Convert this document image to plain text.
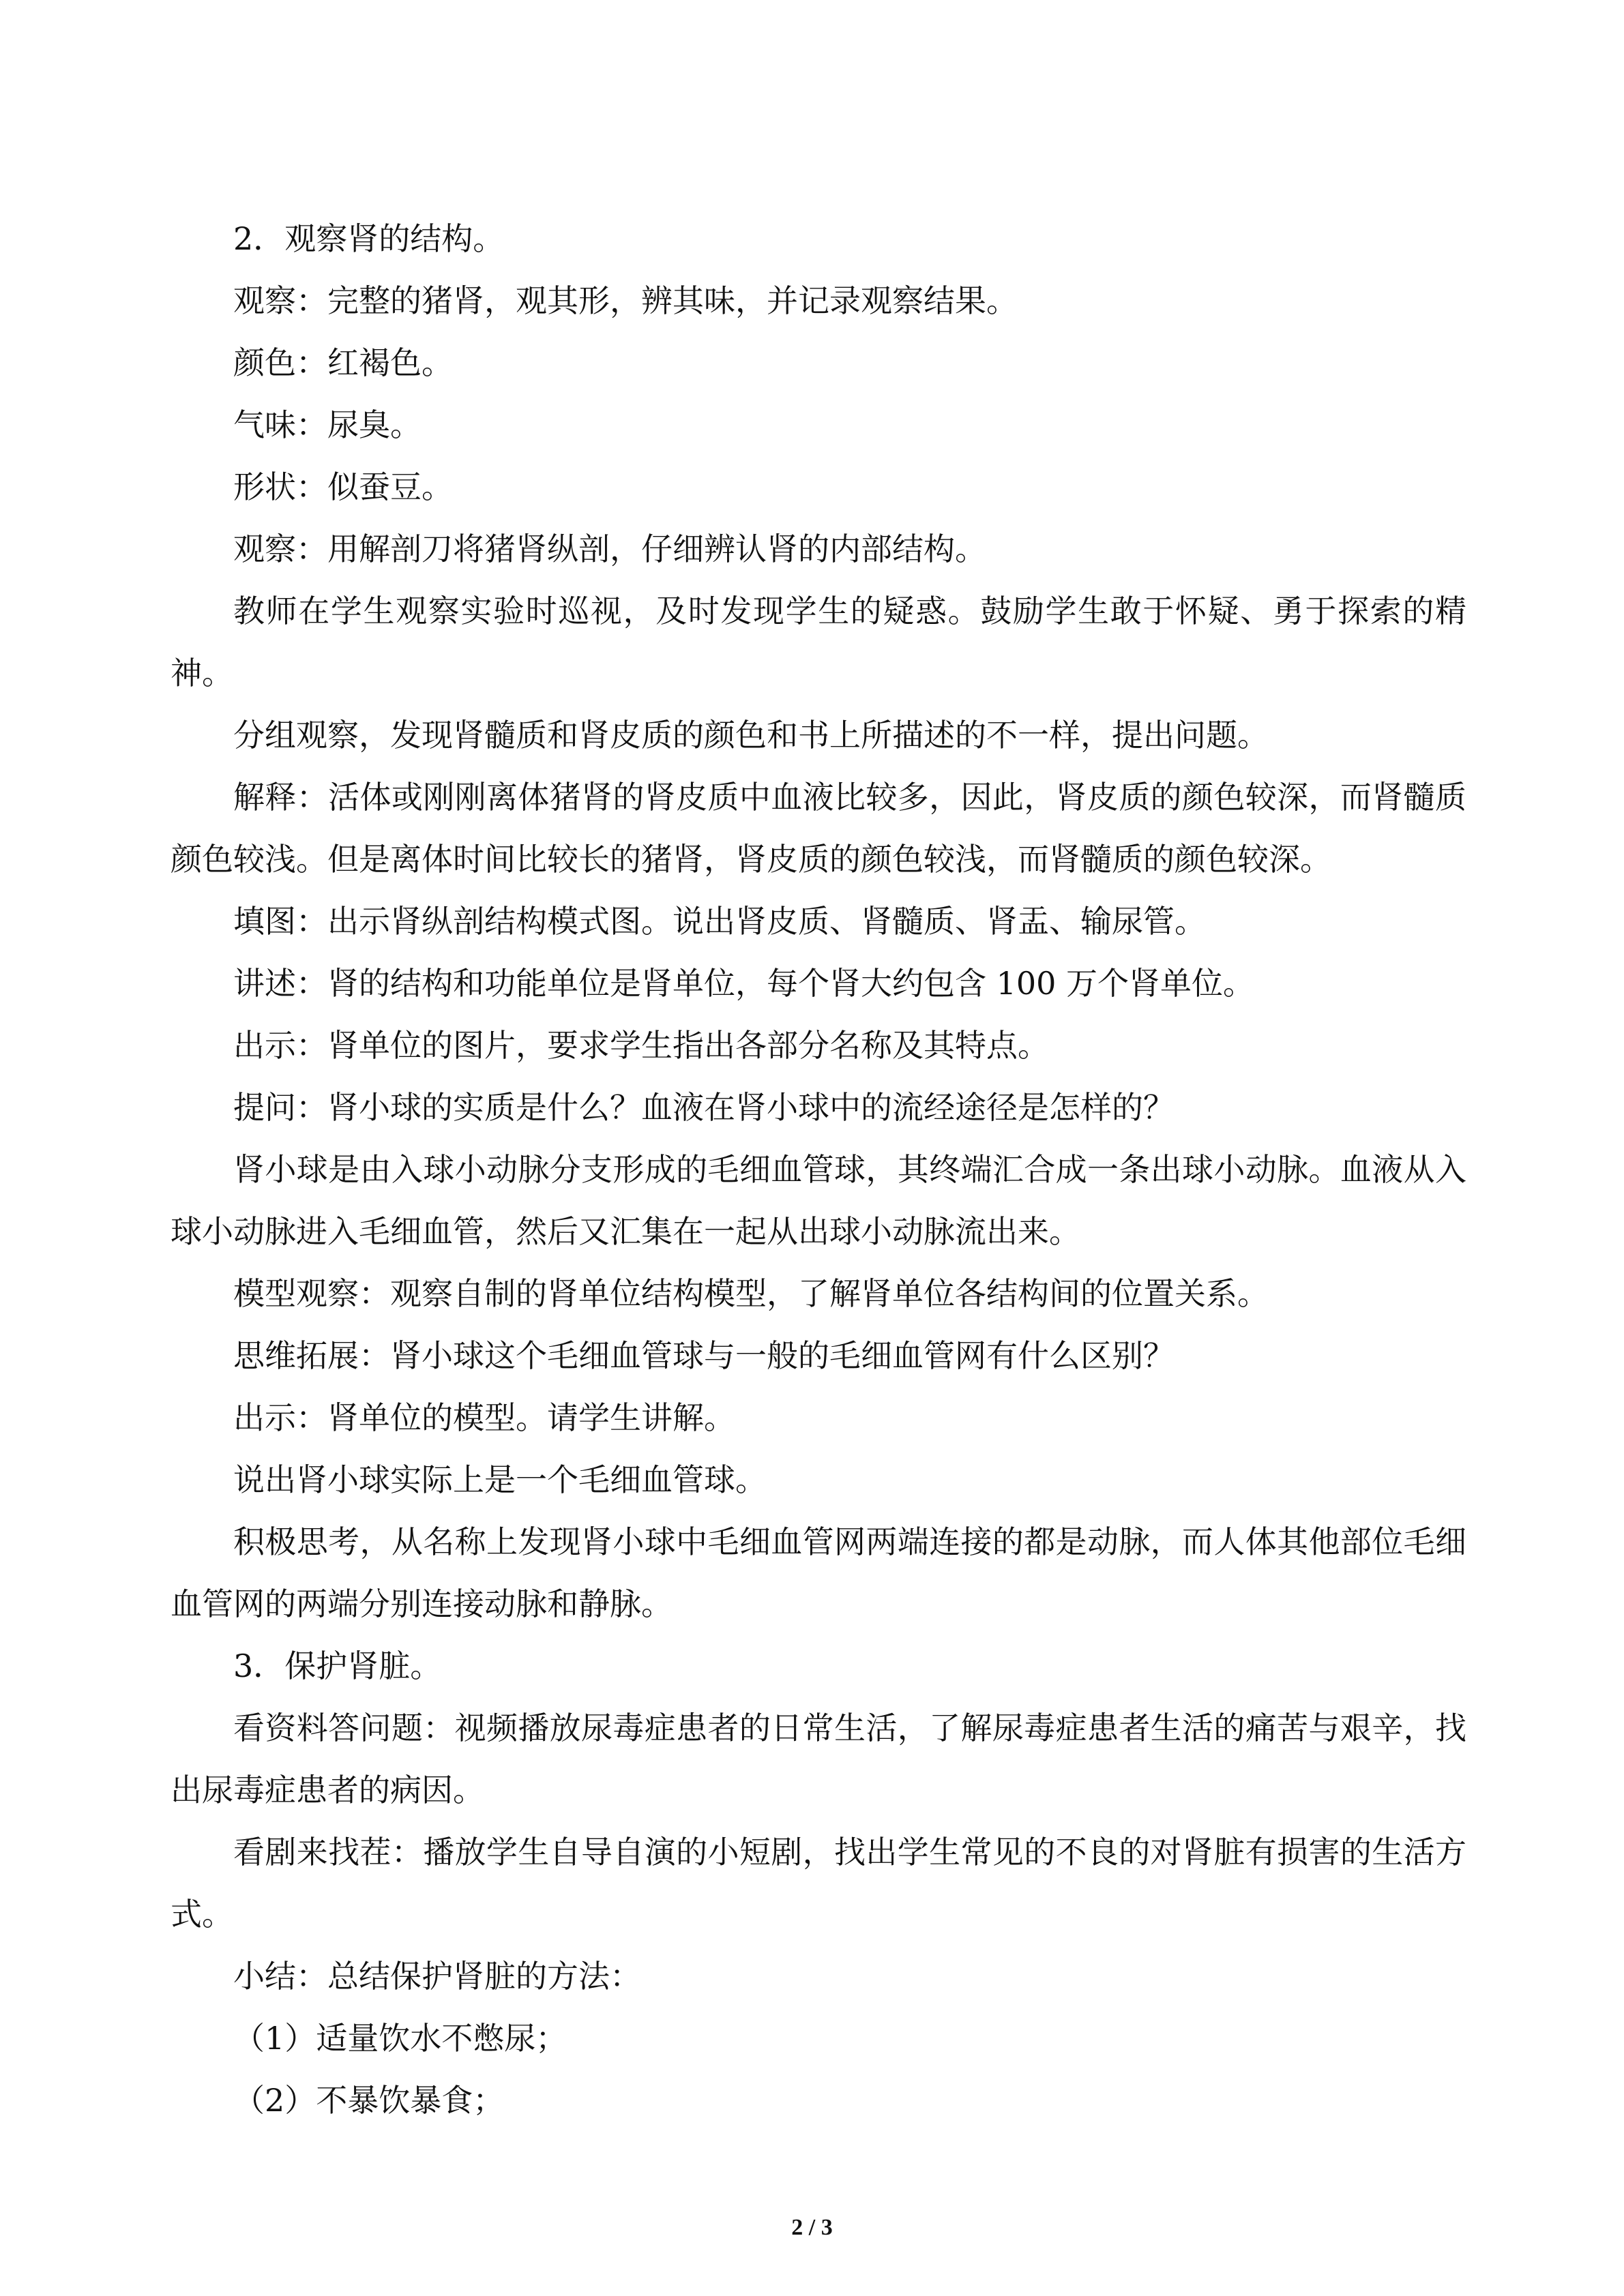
2．观察肾的结构。

观察：完整的猪肾，观其形，辨其味，并记录观察结果。

颜色：红褐色。

气味：尿臭。

形状：似蚕豆。

观察：用解剖刀将猪肾纵剖，仔细辨认肾的内部结构。

教师在学生观察实验时巡视，及时发现学生的疑惑。鼓励学生敢于怀疑、勇于探索的精神。

分组观察，发现肾髓质和肾皮质的颜色和书上所描述的不一样，提出问题。

解释：活体或刚刚离体猪肾的肾皮质中血液比较多，因此，肾皮质的颜色较深，而肾髓质颜色较浅。但是离体时间比较长的猪肾，肾皮质的颜色较浅，而肾髓质的颜色较深。

填图：出示肾纵剖结构模式图。说出肾皮质、肾髓质、肾盂、输尿管。

讲述：肾的结构和功能单位是肾单位，每个肾大约包含 100 万个肾单位。

出示：肾单位的图片，要求学生指出各部分名称及其特点。

提问：肾小球的实质是什么？血液在肾小球中的流经途径是怎样的？

肾小球是由入球小动脉分支形成的毛细血管球，其终端汇合成一条出球小动脉。血液从入球小动脉进入毛细血管，然后又汇集在一起从出球小动脉流出来。

模型观察：观察自制的肾单位结构模型，了解肾单位各结构间的位置关系。

思维拓展：肾小球这个毛细血管球与一般的毛细血管网有什么区别？

出示：肾单位的模型。请学生讲解。

说出肾小球实际上是一个毛细血管球。

积极思考，从名称上发现肾小球中毛细血管网两端连接的都是动脉，而人体其他部位毛细血管网的两端分别连接动脉和静脉。

3．保护肾脏。

看资料答问题：视频播放尿毒症患者的日常生活，了解尿毒症患者生活的痛苦与艰辛，找出尿毒症患者的病因。

看剧来找茬：播放学生自导自演的小短剧，找出学生常见的不良的对肾脏有损害的生活方式。

小结：总结保护肾脏的方法：

（1）适量饮水不憋尿；

（2）不暴饮暴食；

2 / 3
